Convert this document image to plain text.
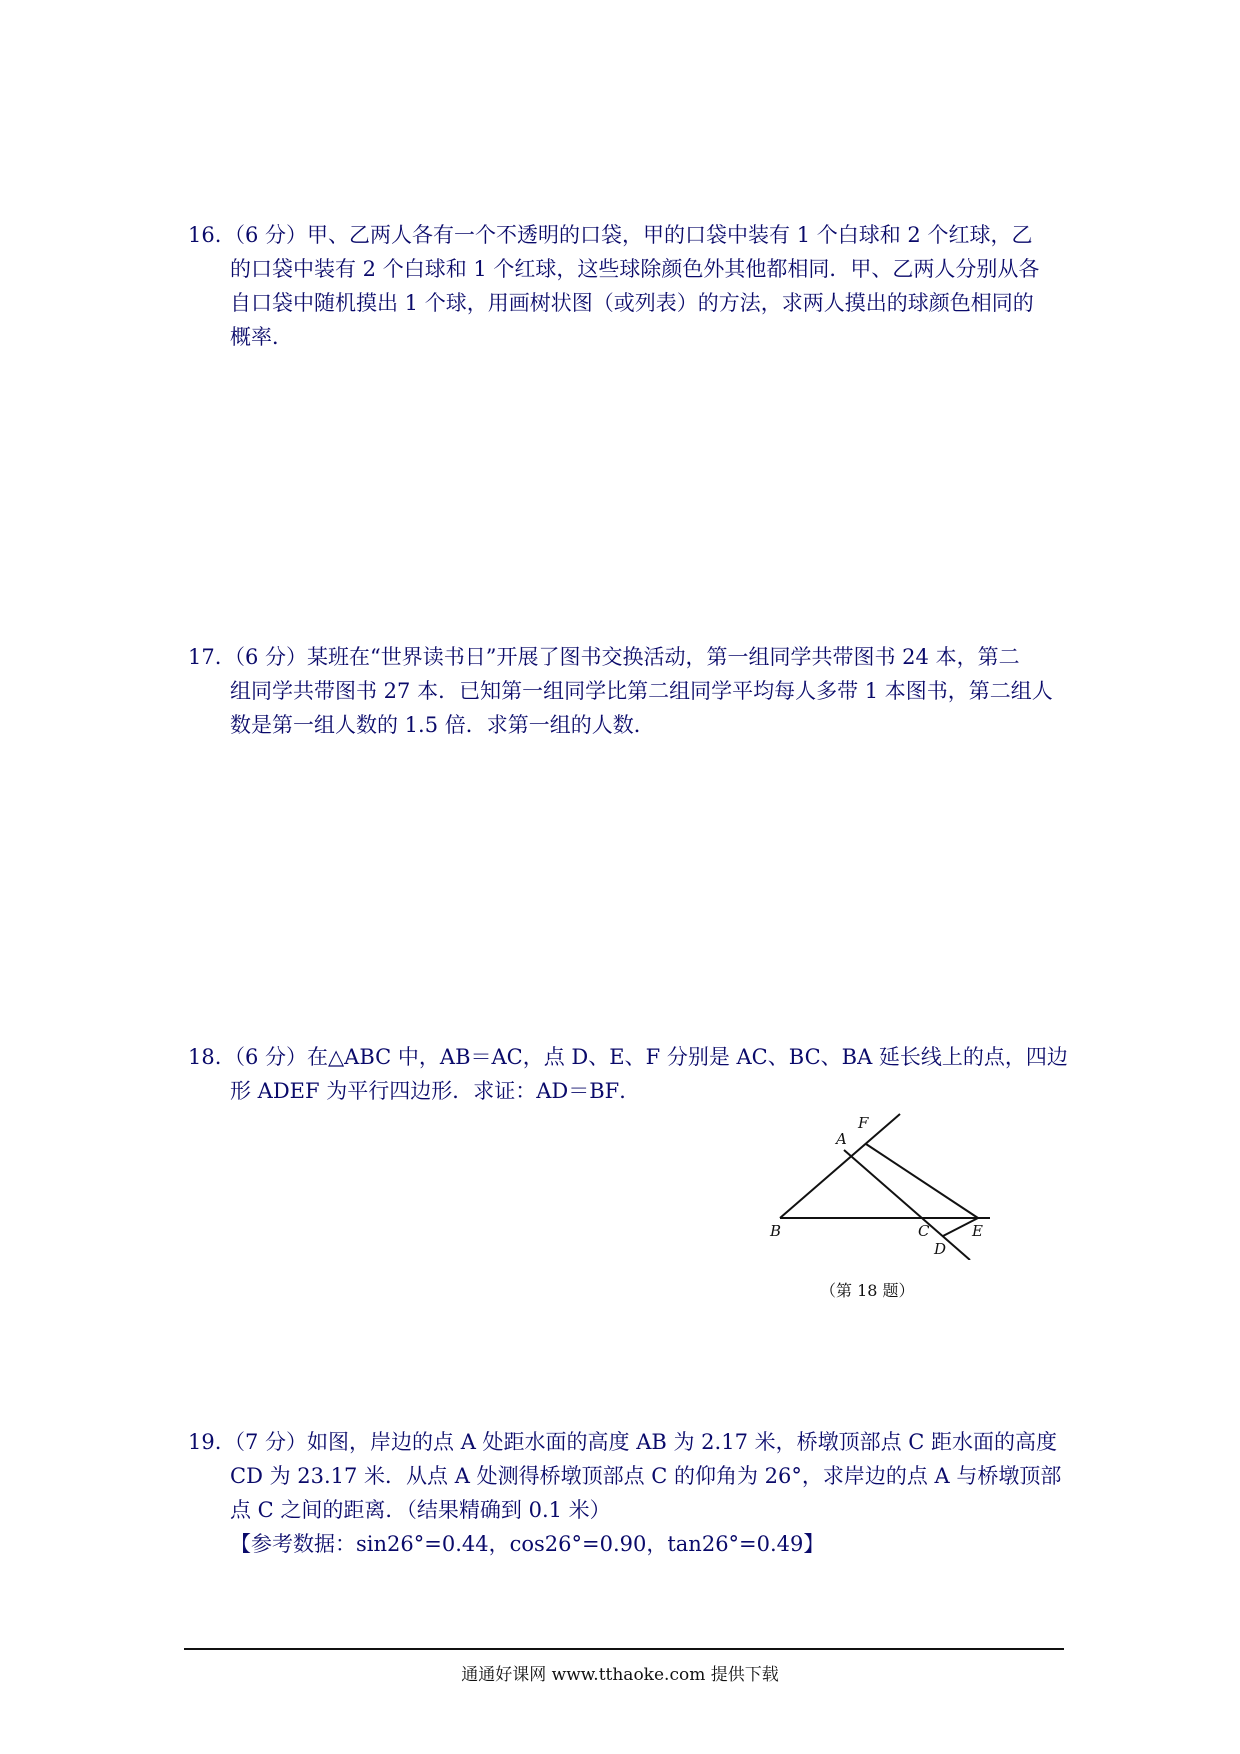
16. （6 分）甲、乙两人各有一个不透明的口袋，甲的口袋中装有 1 个白球和 2 个红球，乙

的口袋中装有 2 个白球和 1 个红球，这些球除颜色外其他都相同．甲、乙两人分别从各

自口袋中随机摸出 1 个球，用画树状图（或列表）的方法，求两人摸出的球颜色相同的

概率．

17. （6 分）某班在“世界读书日”开展了图书交换活动，第一组同学共带图书 24 本，第二

组同学共带图书 27 本．已知第一组同学比第二组同学平均每人多带 1 本图书，第二组人

数是第一组人数的 1.5 倍．求第一组的人数．

18. （6 分）在△ABC 中，AB＝AC，点 D、E、F 分别是 AC、BC、BA 延长线上的点，四边

形 ADEF 为平行四边形．求证：AD＝BF．

A
B	C
D
E
F
（第 18 题）

19. （7 分）如图，岸边的点 A 处距水面的高度 AB 为 2.17 米，桥墩顶部点 C 距水面的高度

CD 为 23.17 米．从点 A 处测得桥墩顶部点 C 的仰角为 26°，求岸边的点 A 与桥墩顶部

点 C 之间的距离．（结果精确到 0.1 米）

【参考数据：sin26°=0.44，cos26°=0.90，tan26°=0.49】

通通好课网 www.tthaoke.com 提供下载
